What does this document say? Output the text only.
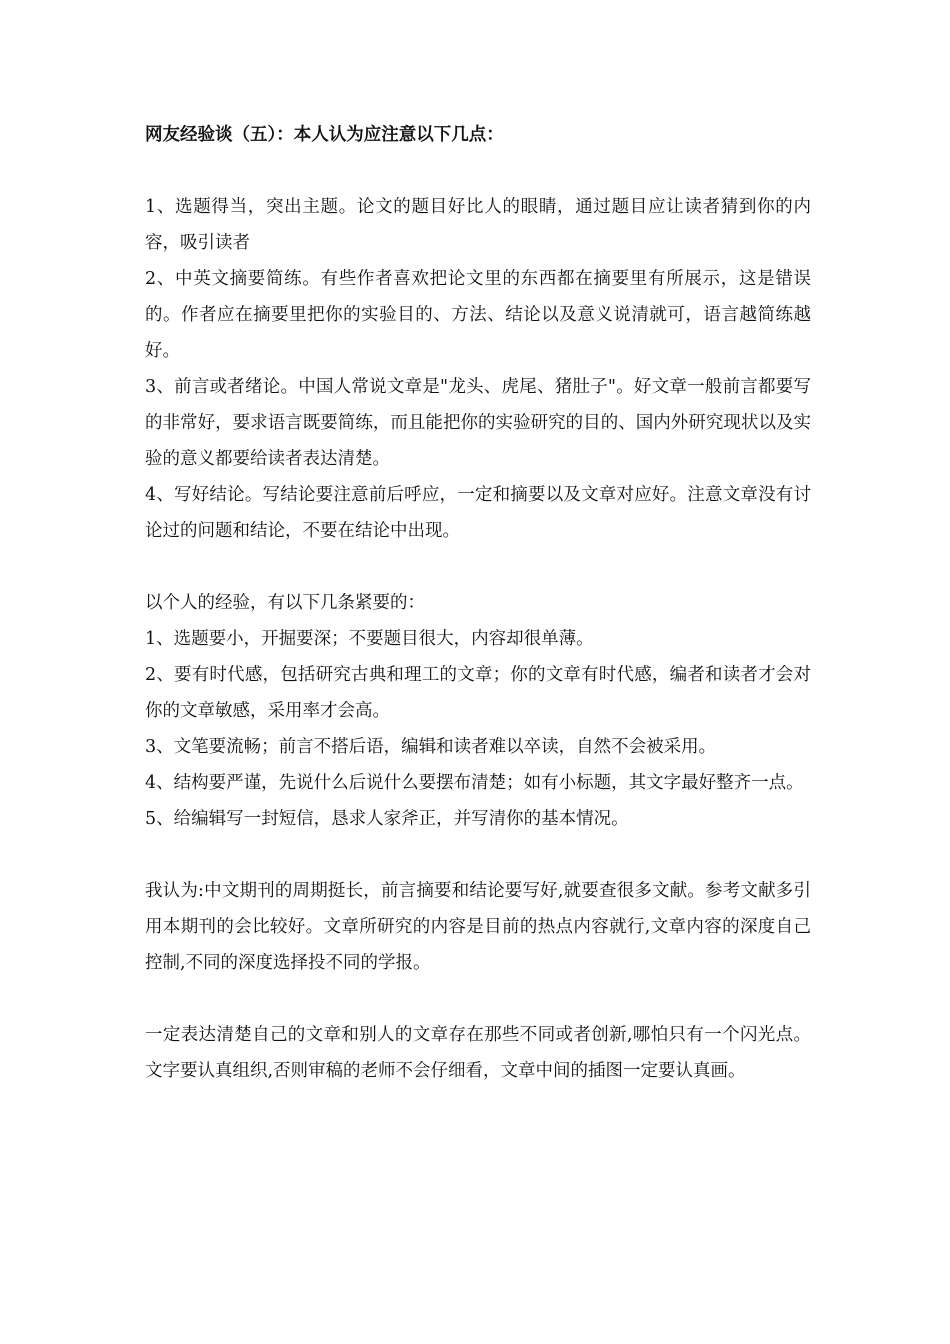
网友经验谈（五）：本人认为应注意以下几点：

1、选题得当，突出主题。论文的题目好比人的眼睛，通过题目应让读者猜到你的内容，吸引读者

2、中英文摘要简练。有些作者喜欢把论文里的东西都在摘要里有所展示，这是错误的。作者应在摘要里把你的实验目的、方法、结论以及意义说清就可，语言越简练越好。

3、前言或者绪论。中国人常说文章是"龙头、虎尾、猪肚子"。好文章一般前言都要写的非常好，要求语言既要简练，而且能把你的实验研究的目的、国内外研究现状以及实验的意义都要给读者表达清楚。

4、写好结论。写结论要注意前后呼应，一定和摘要以及文章对应好。注意文章没有讨论过的问题和结论，不要在结论中出现。

以个人的经验，有以下几条紧要的：

1、选题要小，开掘要深；不要题目很大，内容却很单薄。

2、要有时代感，包括研究古典和理工的文章；你的文章有时代感，编者和读者才会对你的文章敏感，采用率才会高。

3、文笔要流畅；前言不搭后语，编辑和读者难以卒读，自然不会被采用。

4、结构要严谨，先说什么后说什么要摆布清楚；如有小标题，其文字最好整齐一点。

5、给编辑写一封短信，恳求人家斧正，并写清你的基本情况。

我认为:中文期刊的周期挺长，前言摘要和结论要写好,就要查很多文献。参考文献多引用本期刊的会比较好。文章所研究的内容是目前的热点内容就行,文章内容的深度自己控制,不同的深度选择投不同的学报。

一定表达清楚自己的文章和别人的文章存在那些不同或者创新,哪怕只有一个闪光点。文字要认真组织,否则审稿的老师不会仔细看，文章中间的插图一定要认真画。
